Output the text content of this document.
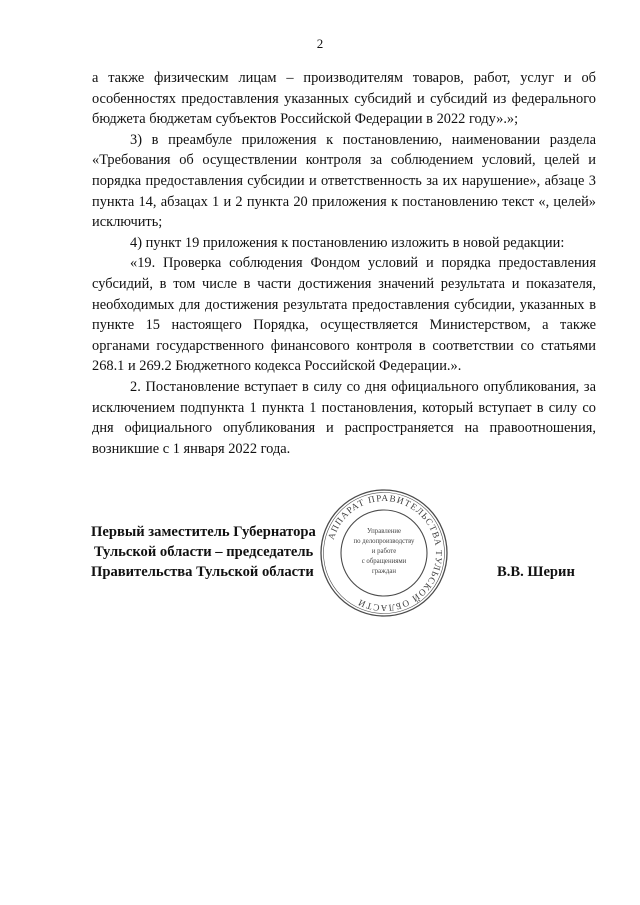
2

а также физическим лицам – производителям товаров, работ, услуг и об особенностях предоставления указанных субсидий и субсидий из федерального бюджета бюджетам субъектов Российской Федерации в 2022 году».»;

3) в преамбуле приложения к постановлению, наименовании раздела «Требования об осуществлении контроля за соблюдением условий, целей и порядка предоставления субсидии и ответственность за их нарушение», абзаце 3 пункта 14, абзацах 1 и 2 пункта 20 приложения к постановлению текст «, целей» исключить;

4) пункт 19 приложения к постановлению изложить в новой редакции:

«19. Проверка соблюдения Фондом условий и порядка предоставления субсидий, в том числе в части достижения значений результата и показателя, необходимых для достижения результата предоставления субсидии, указанных в пункте 15 настоящего Порядка, осуществляется Министерством, а также органами государственного финансового контроля в соответствии со статьями 268.1 и 269.2 Бюджетного кодекса Российской Федерации.».

2. Постановление вступает в силу со дня официального опубликования, за исключением подпункта 1 пункта 1 постановления, который вступает в силу со дня официального опубликования и распространяется на правоотношения, возникшие с 1 января 2022 года.

Первый заместитель Губернатора
Тульской области – председатель
Правительства Тульской области	В.В. Шерин
АППАРАТ ПРАВИТЕЛЬСТВА ТУЛЬСКОЙ ОБЛАСТИ
Управление
по делопроизводству
и работе
с обращениями
граждан
